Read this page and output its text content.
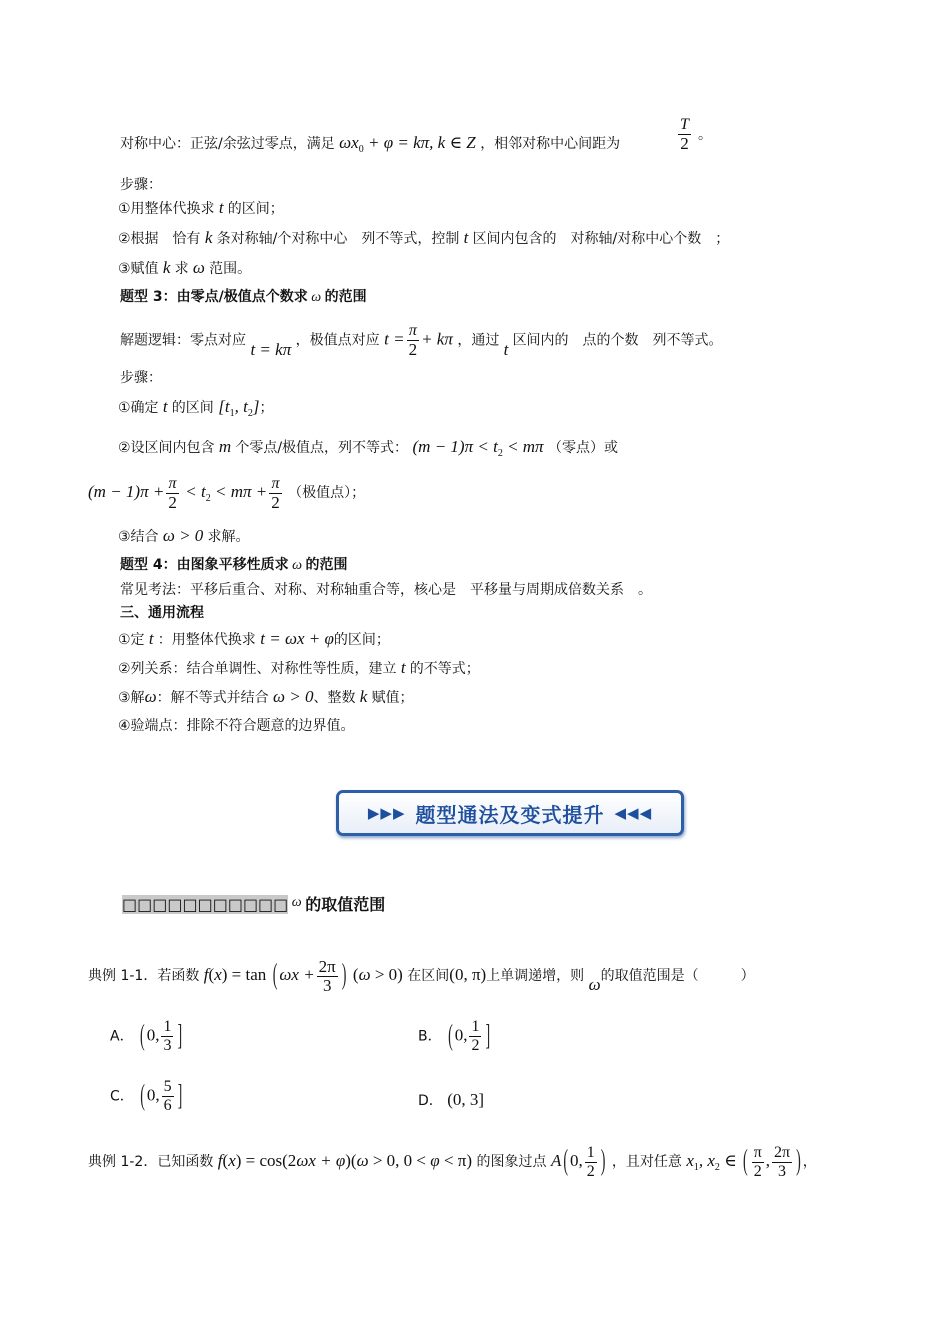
对称中心：正弦/余弦过零点，满足 $\omega x_0 + \varphi = k\pi$, k ∈ Z ，相邻对称中心间距为	$\frac{T}{2}$ 。
步骤：
①用整体代换求 t 的区间；
②根据　恰有 k 条对称轴/个对称中心　列不等式，控制 t 区间内包含的　对称轴/对称中心个数　；
③赋值 k 求 ω 范围。
题型 3：由零点/极值点个数求 ω 的范围
解题逻辑：零点对应 t = kπ ，极值点对应 $t = \frac{\pi}{2} + k\pi$ ，通过 t 区间内的　点的个数　列不等式。
步骤：
①确定 t 的区间 [$t_1$, $t_2$]；
②设区间内包含 m 个零点/极值点，列不等式： $(m - 1)\pi < t_2 < m\pi$ （零点）或
$(m - 1)\pi + \frac{\pi}{2} < t_2 < m\pi + \frac{\pi}{2}$ （极值点）；
③结合 ω > 0 求解。
题型 4：由图象平移性质求 ω 的范围
常见考法：平移后重合、对称、对称轴重合等，核心是　平移量与周期成倍数关系　。
三、通用流程
①定 t ：用整体代换求 t = ωx + φ的区间；
②列关系：结合单调性、对称性等性质，建立 t 的不等式；
③解ω：解不等式并结合 ω > 0、整数 k 赋值；
④验端点：排除不符合题意的边界值。
▶▶▶ 题型通法及变式提升 ◀◀◀
□□□□□□□□□□□ ω 的取值范围
典例 1-1．若函数 f(x) = tan ( $\omega x + \frac{2\pi}{3}$ ) (ω > 0) 在区间(0, π)上单调递增，则 ω的取值范围是（　　　）
A． ( 0, $\frac{1}{3}$ ]	B． ( 0, $\frac{1}{2}$ ]
C． ( 0, $\frac{5}{6}$ ]	D． (0, 3]
典例 1-2．已知函数 f(x) = cos(2ωx + φ)(ω > 0, 0 < φ < π) 的图象过点 A ( 0, $\frac{1}{2}$ ) ，且对任意 $x_1$, $x_2$ ∈ ( $\frac{\pi}{2}$ , $\frac{2\pi}{3}$ ) ，
